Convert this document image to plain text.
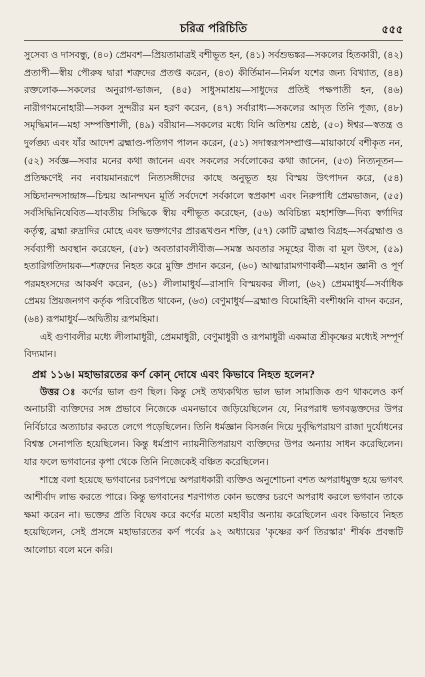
চরিত্র পরিচিতি	৫৫৫

সুসেব্য ও দাসবন্ধু, (৪০) প্রেমবশ—প্রিয়তামাত্রই বশীভূত হন, (৪১) সর্বশুভঙ্কর—সকলের হিতকারী, (৪২) প্রতাপী—স্বীয় পৌরুষ দ্বারা শত্রুদের প্রতপ্ত করেন, (৪৩) কীর্তিমান—নির্মল যশের জন্য বিখ্যাত, (৪৪) রক্তলোক—সকলের অনুরাগ-ভাজন, (৪৫) সাধুসমাশ্রয়—সাধুদের প্রতিই পক্ষপাতী হন, (৪৬) নারীগণমনোহারী—সকল সুন্দরীর মন হরণ করেন, (৪৭) সর্বারাধ্য—সকলের আদৃত তিনি পূজ্য, (৪৮) সমৃদ্ধিমান—মহা সম্পত্তিশালী, (৪৯) বরীয়ান—সকলের মধ্যে যিনি অতিশয় শ্রেষ্ঠ, (৫০) ঈশ্বর—স্বতন্ত্র ও দুর্লঙ্ঘ্য এবং যাঁর আদেশ ব্রহ্মাণ্ড-পতিগণ পালন করেন, (৫১) সদাস্বরূপসম্প্রাপ্ত—মায়াকার্যে বশীকৃত নন, (৫২) সর্বজ্ঞ—সবার মনের কথা জানেন এবং সকলের সর্বলোকের কথা জানেন, (৫৩) নিত্যনূতন—প্রতিক্ষণেই নব নবায়মানরূপে নিত্যসঙ্গীদের কাছে অনুভূত হয় বিস্ময় উৎপাদন করে, (৫৪) সচ্চিদানন্দসান্দ্রাঙ্গ—চিন্ময় আনন্দঘন মূর্তি সর্বদেশে সর্বকালে স্বপ্রকাশ এবং নিরুপাধি প্রেমভাজন, (৫৫) সর্বসিদ্ধিনিষেবিত—যাবতীয় সিদ্ধিকে স্বীয় বশীভূত করেছেন, (৫৬) অবিচিন্ত্য মহাশক্তি—দিব্য স্বর্গাদির কর্তৃত্ব, ব্রহ্মা রুদ্রাদির মোহে এবং ভক্তগণের প্রারব্ধখণ্ডন শক্তি, (৫৭) কোটি ব্রহ্মাণ্ড বিগ্রহ—সর্বব্রহ্মাণ্ড ও সর্বব্যাপী অবস্থান করেছেন, (৫৮) অবতারাবলীবীজ—সমস্ত অবতার সমূহের বীজ বা মূল উৎস, (৫৯) হতারিগতিদায়ক—শত্রুদের নিহত করে মুক্তি প্রদান করেন, (৬০) আত্মারামগণাকর্ষী—মহান জ্ঞানী ও পূর্ণ পরমহংসদের আকর্ষণ করেন, (৬১) লীলামাধুর্য—রাসাদি বিস্ময়কর লীলা, (৬২) প্রেমমাধুর্য—সর্বাধিক প্রেময় প্রিয়জনগণ কর্তৃক পরিবেষ্টিত থাকেন, (৬৩) বেণুমাধুর্য—ব্রহ্মাণ্ড বিমোহিনী বংশীধ্বনি বাদন করেন, (৬৪) রূপমাধুর্য—অদ্বিতীয় রূপমহিমা।

এই গুণাবলীর মধ্যে লীলামাধুরী, প্রেমমাধুরী, বেণুমাধুরী ও রূপমাধুরী একমাত্র শ্রীকৃষ্ণের মধ্যেই সম্পূর্ণ বিদ্যমান।

প্রশ্ন ১১৬। মহাভারতের কর্ণ কোন্ দোষে এবং কিভাবে নিহত হলেন?

উত্তর ঃ কর্ণের ভাল গুণ ছিল। কিন্তু সেই তথ্যকথিত ভাল ভাল সামাজিক গুণ থাকলেও কর্ণ অনাচারী ব্যক্তিদের সঙ্গ প্রভাবে নিজেকে এমনভাবে জড়িয়েছিলেন যে, নিরপরাধ ভগবদ্ভক্তদের উপর নির্বিচারে অত্যাচার করতে লেগে পড়েছিলেন। তিনি ধর্মজ্ঞান বিসর্জন দিয়ে দুর্বৃদ্ধিপরায়ণ রাজা দুর্যোধনের বিশ্বস্ত সেনাপতি হয়েছিলেন। কিন্তু ধর্মপ্রাণ ন্যায়নীতিপরায়ণ ব্যক্তিদের উপর অন্যায় সাধন করেছিলেন। যার ফলে ভগবানের কৃপা থেকে তিনি নিজেকেই বঞ্চিত করেছিলেন।

শাস্ত্রে বলা হয়েছে ভগবানের চরণপদ্মে অপরাধকারী ব্যক্তিও অনুশোচনা বশত অপরাধমুক্ত হয়ে ভগবৎ আশীর্বাদ লাভ করতে পারে। কিন্তু ভগবানের শরণাগত কোন ভক্তের চরণে অপরাধ করলে ভগবান তাকে ক্ষমা করেন না। ভক্তের প্রতি বিদ্বেষ করে কর্ণের মতো মহাবীর অন্যায় করেছিলেন এবং কিভাবে নিহত হয়েছিলেন, সেই প্রসঙ্গে মহাভারতের কর্ণ পর্বের ৯২ অধ্যায়ের 'কৃষ্ণের কর্ণ তিরস্কার' শীর্ষক প্রবন্ধটি আলোচ্য বলে মনে করি।
